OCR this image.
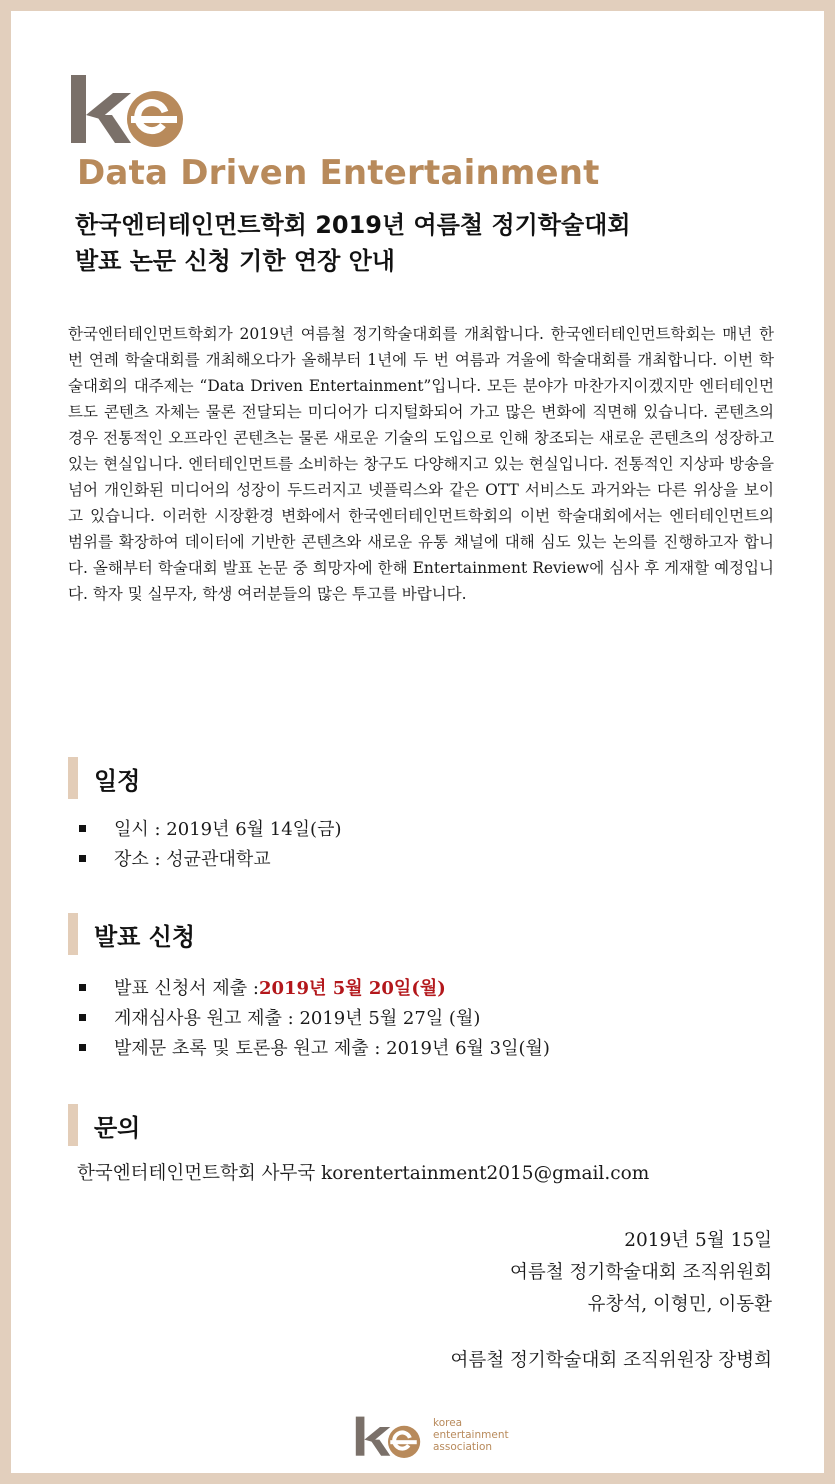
Data Driven Entertainment
한국엔터테인먼트학회 2019년 여름철 정기학술대회
발표 논문 신청 기한 연장 안내

한국엔터테인먼트학회가 2019년 여름철 정기학술대회를 개최합니다. 한국엔터테인먼트학회는 매년 한 번 연례 학술대회를 개최해오다가 올해부터 1년에 두 번 여름과 겨울에 학술대회를 개최합니다. 이번 학술대회의 대주제는 “Data Driven Entertainment”입니다. 모든 분야가 마찬가지이겠지만 엔터테인먼트도 콘텐츠 자체는 물론 전달되는 미디어가 디지털화되어 가고 많은 변화에 직면해 있습니다. 콘텐츠의 경우 전통적인 오프라인 콘텐츠는 물론 새로운 기술의 도입으로 인해 창조되는 새로운 콘텐츠의 성장하고 있는 현실입니다. 엔터테인먼트를 소비하는 창구도 다양해지고 있는 현실입니다. 전통적인 지상파 방송을 넘어 개인화된 미디어의 성장이 두드러지고 넷플릭스와 같은 OTT 서비스도 과거와는 다른 위상을 보이고 있습니다. 이러한 시장환경 변화에서 한국엔터테인먼트학회의 이번 학술대회에서는 엔터테인먼트의 범위를 확장하여 데이터에 기반한 콘텐츠와 새로운 유통 채널에 대해 심도 있는 논의를 진행하고자 합니다. 올해부터 학술대회 발표 논문 중 희망자에 한해 Entertainment Review에 심사 후 게재할 예정입니다. 학자 및 실무자, 학생 여러분들의 많은 투고를 바랍니다.

일정
일시 : 2019년 6월 14일(금)
장소 : 성균관대학교
발표 신청
발표 신청서 제출 : 2019년 5월 20일(월)
게재심사용 원고 제출 : 2019년 5월 27일 (월)
발제문 초록 및 토론용 원고 제출 : 2019년 6월 3일(월)
문의

한국엔터테인먼트학회 사무국 korentertainment2015@gmail.com

2019년 5월 15일
여름철 정기학술대회 조직위원회
유창석, 이형민, 이동환
여름철 정기학술대회 조직위원장 장병희
korea
entertainment
association
